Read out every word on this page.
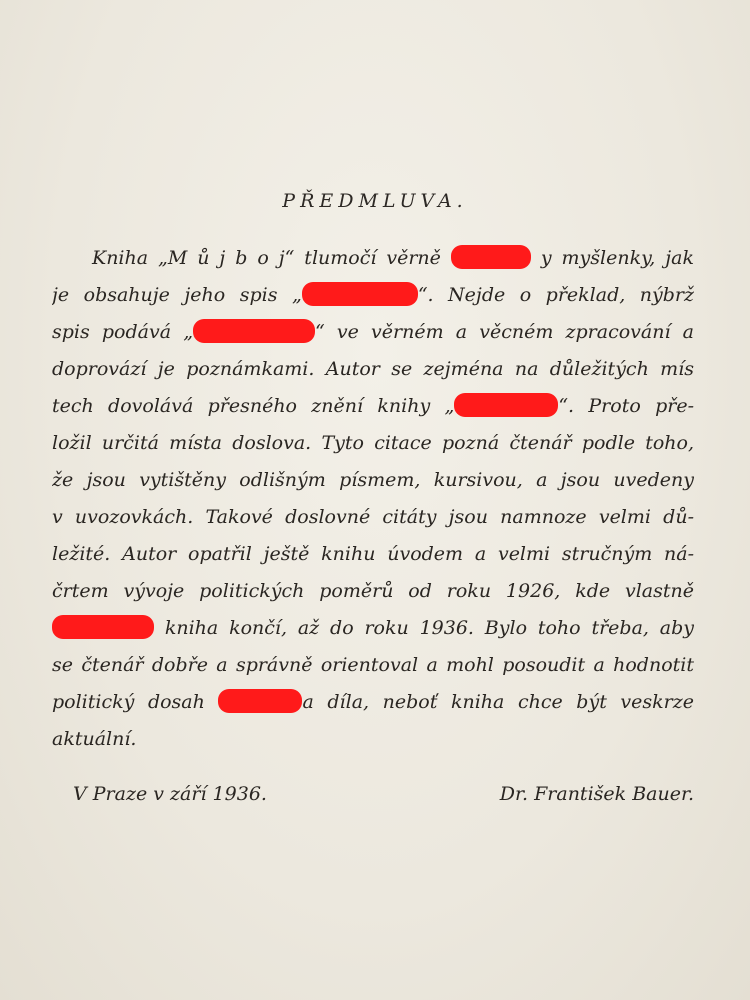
PŘEDMLUVA.
Kniha „M ů j b o j“ tlumočí věrně	y myšlenky, jak
je obsahuje jeho spis „	“. Nejde o překlad, nýbrž
spis podává „	“ ve věrném a věcném zpracování a
doprovází je poznámkami. Autor se zejména na důležitých mís
tech dovolává přesného znění knihy „	“. Proto pře-
ložil určitá místa doslova. Tyto citace pozná čtenář podle toho,
že jsou vytištěny odlišným písmem, kursivou, a jsou uvedeny
v uvozovkách. Takové doslovné citáty jsou namnoze velmi dů-
ležité. Autor opatřil ještě knihu úvodem a velmi stručným ná-
črtem vývoje politických poměrů od roku 1926, kde vlastně
kniha končí, až do roku 1936. Bylo toho třeba, aby
se čtenář dobře a správně orientoval a mohl posoudit a hodnotit
politický dosah	a díla, neboť kniha chce být veskrze
aktuální.
V Praze v září 1936.	Dr. František Bauer.
